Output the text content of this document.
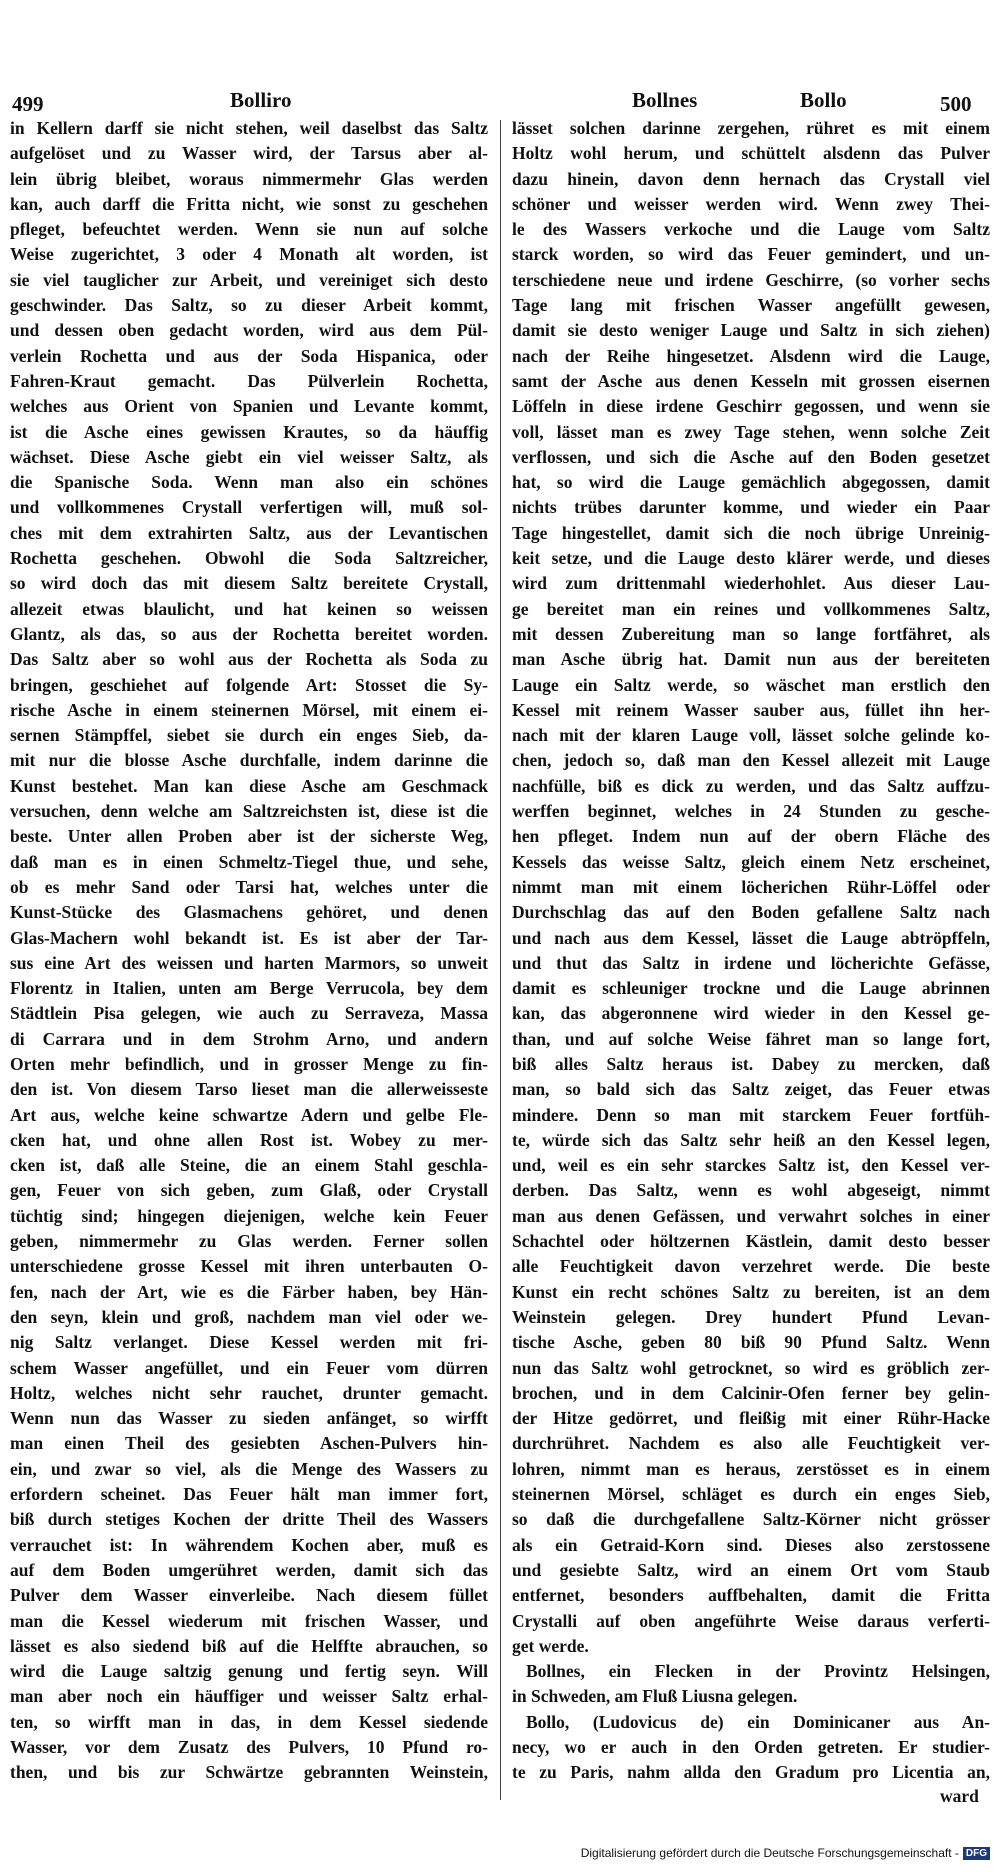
499	Bolliro	Bollnes	Bollo	500
in Kellern darff sie nicht stehen, weil daselbst das Saltz
aufgelöset und zu Wasser wird, der Tarsus aber al-
lein übrig bleibet, woraus nimmermehr Glas werden
kan, auch darff die Fritta nicht, wie sonst zu geschehen
pfleget, befeuchtet werden. Wenn sie nun auf solche
Weise zugerichtet, 3 oder 4 Monath alt worden, ist
sie viel tauglicher zur Arbeit, und vereiniget sich desto
geschwinder. Das Saltz, so zu dieser Arbeit kommt,
und dessen oben gedacht worden, wird aus dem Pül-
verlein Rochetta und aus der Soda Hispanica, oder
Fahren-Kraut gemacht. Das Pülverlein Rochetta,
welches aus Orient von Spanien und Levante kommt,
ist die Asche eines gewissen Krautes, so da häuffig
wächset. Diese Asche giebt ein viel weisser Saltz, als
die Spanische Soda. Wenn man also ein schönes
und vollkommenes Crystall verfertigen will, muß sol-
ches mit dem extrahirten Saltz, aus der Levantischen
Rochetta geschehen. Obwohl die Soda Saltzreicher,
so wird doch das mit diesem Saltz bereitete Crystall,
allezeit etwas blaulicht, und hat keinen so weissen
Glantz, als das, so aus der Rochetta bereitet worden.
Das Saltz aber so wohl aus der Rochetta als Soda zu
bringen, geschiehet auf folgende Art: Stosset die Sy-
rische Asche in einem steinernen Mörsel, mit einem ei-
sernen Stämpffel, siebet sie durch ein enges Sieb, da-
mit nur die blosse Asche durchfalle, indem darinne die
Kunst bestehet. Man kan diese Asche am Geschmack
versuchen, denn welche am Saltzreichsten ist, diese ist die
beste. Unter allen Proben aber ist der sicherste Weg,
daß man es in einen Schmeltz-Tiegel thue, und sehe,
ob es mehr Sand oder Tarsi hat, welches unter die
Kunst-Stücke des Glasmachens gehöret, und denen
Glas-Machern wohl bekandt ist. Es ist aber der Tar-
sus eine Art des weissen und harten Marmors, so unweit
Florentz in Italien, unten am Berge Verrucola, bey dem
Städtlein Pisa gelegen, wie auch zu Serraveza, Massa
di Carrara und in dem Strohm Arno, und andern
Orten mehr befindlich, und in grosser Menge zu fin-
den ist. Von diesem Tarso lieset man die allerweisseste
Art aus, welche keine schwartze Adern und gelbe Fle-
cken hat, und ohne allen Rost ist. Wobey zu mer-
cken ist, daß alle Steine, die an einem Stahl geschla-
gen, Feuer von sich geben, zum Glaß, oder Crystall
tüchtig sind; hingegen diejenigen, welche kein Feuer
geben, nimmermehr zu Glas werden. Ferner sollen
unterschiedene grosse Kessel mit ihren unterbauten O-
fen, nach der Art, wie es die Färber haben, bey Hän-
den seyn, klein und groß, nachdem man viel oder we-
nig Saltz verlanget. Diese Kessel werden mit fri-
schem Wasser angefüllet, und ein Feuer vom dürren
Holtz, welches nicht sehr rauchet, drunter gemacht.
Wenn nun das Wasser zu sieden anfänget, so wirfft
man einen Theil des gesiebten Aschen-Pulvers hin-
ein, und zwar so viel, als die Menge des Wassers zu
erfordern scheinet. Das Feuer hält man immer fort,
biß durch stetiges Kochen der dritte Theil des Wassers
verrauchet ist: In währendem Kochen aber, muß es
auf dem Boden umgerühret werden, damit sich das
Pulver dem Wasser einverleibe. Nach diesem füllet
man die Kessel wiederum mit frischen Wasser, und
lässet es also siedend biß auf die Helffte abrauchen, so
wird die Lauge saltzig genung und fertig seyn. Will
man aber noch ein häuffiger und weisser Saltz erhal-
ten, so wirfft man in das, in dem Kessel siedende
Wasser, vor dem Zusatz des Pulvers, 10 Pfund ro-
then, und bis zur Schwärtze gebrannten Weinstein,
lässet solchen darinne zergehen, rühret es mit einem
Holtz wohl herum, und schüttelt alsdenn das Pulver
dazu hinein, davon denn hernach das Crystall viel
schöner und weisser werden wird. Wenn zwey Thei-
le des Wassers verkoche und die Lauge vom Saltz
starck worden, so wird das Feuer gemindert, und un-
terschiedene neue und irdene Geschirre, (so vorher sechs
Tage lang mit frischen Wasser angefüllt gewesen,
damit sie desto weniger Lauge und Saltz in sich ziehen)
nach der Reihe hingesetzet. Alsdenn wird die Lauge,
samt der Asche aus denen Kesseln mit grossen eisernen
Löffeln in diese irdene Geschirr gegossen, und wenn sie
voll, lässet man es zwey Tage stehen, wenn solche Zeit
verflossen, und sich die Asche auf den Boden gesetzet
hat, so wird die Lauge gemächlich abgegossen, damit
nichts trübes darunter komme, und wieder ein Paar
Tage hingestellet, damit sich die noch übrige Unreinig-
keit setze, und die Lauge desto klärer werde, und dieses
wird zum drittenmahl wiederhohlet. Aus dieser Lau-
ge bereitet man ein reines und vollkommenes Saltz,
mit dessen Zubereitung man so lange fortfähret, als
man Asche übrig hat. Damit nun aus der bereiteten
Lauge ein Saltz werde, so wäschet man erstlich den
Kessel mit reinem Wasser sauber aus, füllet ihn her-
nach mit der klaren Lauge voll, lässet solche gelinde ko-
chen, jedoch so, daß man den Kessel allezeit mit Lauge
nachfülle, biß es dick zu werden, und das Saltz auffzu-
werffen beginnet, welches in 24 Stunden zu gesche-
hen pfleget. Indem nun auf der obern Fläche des
Kessels das weisse Saltz, gleich einem Netz erscheinet,
nimmt man mit einem löcherichen Rühr-Löffel oder
Durchschlag das auf den Boden gefallene Saltz nach
und nach aus dem Kessel, lässet die Lauge abtröpffeln,
und thut das Saltz in irdene und löcherichte Gefässe,
damit es schleuniger trockne und die Lauge abrinnen
kan, das abgeronnene wird wieder in den Kessel ge-
than, und auf solche Weise fähret man so lange fort,
biß alles Saltz heraus ist. Dabey zu mercken, daß
man, so bald sich das Saltz zeiget, das Feuer etwas
mindere. Denn so man mit starckem Feuer fortfüh-
te, würde sich das Saltz sehr heiß an den Kessel legen,
und, weil es ein sehr starckes Saltz ist, den Kessel ver-
derben. Das Saltz, wenn es wohl abgeseigt, nimmt
man aus denen Gefässen, und verwahrt solches in einer
Schachtel oder höltzernen Kästlein, damit desto besser
alle Feuchtigkeit davon verzehret werde. Die beste
Kunst ein recht schönes Saltz zu bereiten, ist an dem
Weinstein gelegen. Drey hundert Pfund Levan-
tische Asche, geben 80 biß 90 Pfund Saltz. Wenn
nun das Saltz wohl getrocknet, so wird es gröblich zer-
brochen, und in dem Calcinir-Ofen ferner bey gelin-
der Hitze gedörret, und fleißig mit einer Rühr-Hacke
durchrühret. Nachdem es also alle Feuchtigkeit ver-
lohren, nimmt man es heraus, zerstösset es in einem
steinernen Mörsel, schläget es durch ein enges Sieb,
so daß die durchgefallene Saltz-Körner nicht grösser
als ein Getraid-Korn sind. Dieses also zerstossene
und gesiebte Saltz, wird an einem Ort vom Staub
entfernet, besonders auffbehalten, damit die Fritta
Crystalli auf oben angeführte Weise daraus verferti-
get werde.
Bollnes, ein Flecken in der Provintz Helsingen,
in Schweden, am Fluß Liusna gelegen.
Bollo, (Ludovicus de) ein Dominicaner aus An-
necy, wo er auch in den Orden getreten. Er studier-
te zu Paris, nahm allda den Gradum pro Licentia an,
ward
Digitalisierung gefördert durch die Deutsche Forschungsgemeinschaft - DFG
